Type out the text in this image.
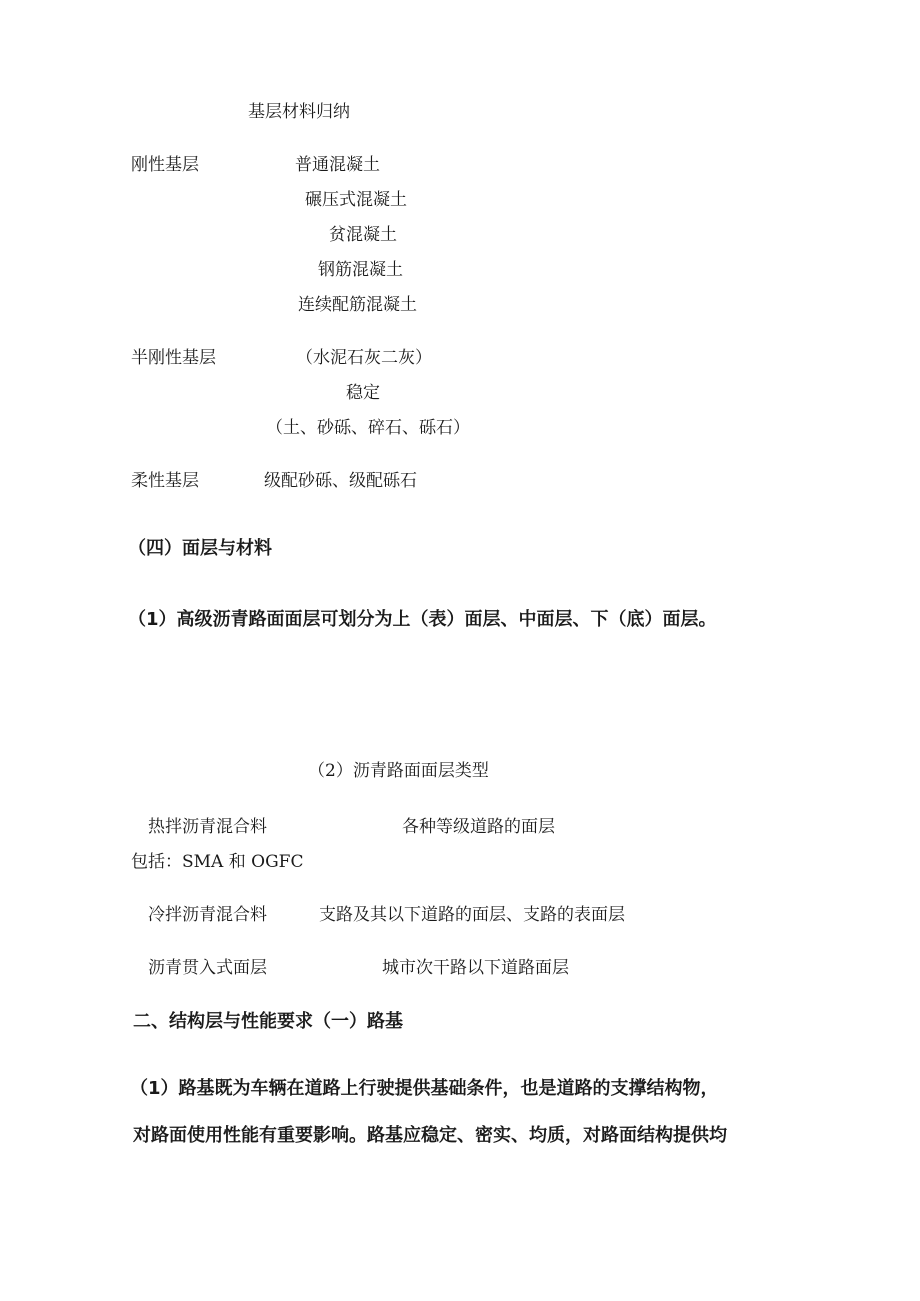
基层材料归纳
刚性基层	普通混凝土
碾压式混凝土
贫混凝土
钢筋混凝土
连续配筋混凝土
半刚性基层	（水泥石灰二灰）
稳定
（土、砂砾、碎石、砾石）
柔性基层	级配砂砾、级配砾石
（四）面层与材料
（1）高级沥青路面面层可划分为上（表）面层、中面层、下（底）面层。
（2）沥青路面面层类型
热拌沥青混合料	各种等级道路的面层
包括：SMA 和 OGFC
冷拌沥青混合料	支路及其以下道路的面层、支路的表面层
沥青贯入式面层	城市次干路以下道路面层
二、结构层与性能要求（一）路基
（1）路基既为车辆在道路上行驶提供基础条件，也是道路的支撑结构物，
对路面使用性能有重要影响。路基应稳定、密实、均质，对路面结构提供均
